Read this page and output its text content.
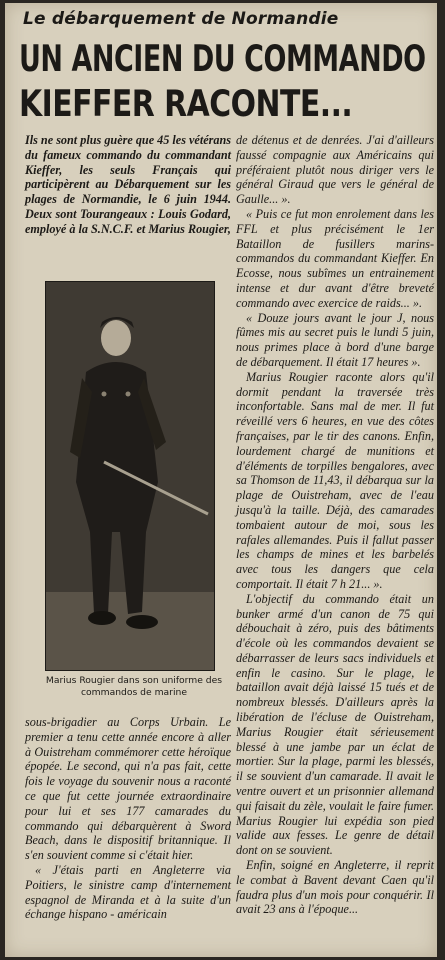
Le débarquement de Normandie
UN ANCIEN DU COMMANDO
KIEFFER RACONTE...

Ils ne sont plus guère que 45 les vétérans du fameux commando du commandant Kieffer, les seuls Français qui participèrent au Débarquement sur les plages de Normandie, le 6 juin 1944. Deux sont Tourangeaux : Louis Godard, employé à la S.N.C.F. et Marius Rougier,

Marius Rougier dans son uniforme des commandos de marine

sous-brigadier au Corps Urbain. Le premier a tenu cette année encore à aller à Ouistreham commémorer cette héroïque épopée. Le second, qui n'a pas fait, cette fois le voyage du souvenir nous a raconté ce que fut cette journée extraordinaire pour lui et ses 177 camarades du commando qui débarquèrent à Sword Beach, dans le dispositif britannique. Il s'en souvient comme si c'était hier.

« J'étais parti en Angleterre via Poitiers, le sinistre camp d'internement espagnol de Miranda et à la suite d'un échange hispano - américain

de détenus et de denrées. J'ai d'ailleurs faussé compagnie aux Américains qui préféraient plutôt nous diriger vers le général Giraud que vers le général de Gaulle... ».

« Puis ce fut mon enrolement dans les FFL et plus précisément le 1er Bataillon de fusillers marins-commandos du commandant Kieffer. En Ecosse, nous subîmes un entrainement intense et dur avant d'être breveté commando avec exercice de raids... ».

« Douze jours avant le jour J, nous fûmes mis au secret puis le lundi 5 juin, nous primes place à bord d'une barge de débarquement. Il était 17 heures ».

Marius Rougier raconte alors qu'il dormit pendant la traversée très inconfortable. Sans mal de mer. Il fut réveillé vers 6 heures, en vue des côtes françaises, par le tir des canons. Enfin, lourdement chargé de munitions et d'éléments de torpilles bengalores, avec sa Thomson de 11,43, il débarqua sur la plage de Ouistreham, avec de l'eau jusqu'à la taille. Déjà, des camarades tombaient autour de moi, sous les rafales allemandes. Puis il fallut passer les champs de mines et les barbelés avec tous les dangers que cela comportait. Il était 7 h 21... ».

L'objectif du commando était un bunker armé d'un canon de 75 qui débouchait à zéro, puis des bâtiments d'école où les commandos devaient se débarrasser de leurs sacs individuels et enfin le casino. Sur le plage, le bataillon avait déjà laissé 15 tués et de nombreux blessés. D'ailleurs après la libération de l'écluse de Ouistreham, Marius Rougier était sérieusement blessé à une jambe par un éclat de mortier. Sur la plage, parmi les blessés, il se souvient d'un camarade. Il avait le ventre ouvert et un prisonnier allemand qui faisait du zèle, voulait le faire fumer. Marius Rougier lui expédia son pied valide aux fesses. Le genre de détail dont on se souvient.

Enfin, soigné en Angleterre, il reprit le combat à Bavent devant Caen qu'il faudra plus d'un mois pour conquérir. Il avait 23 ans à l'époque...
